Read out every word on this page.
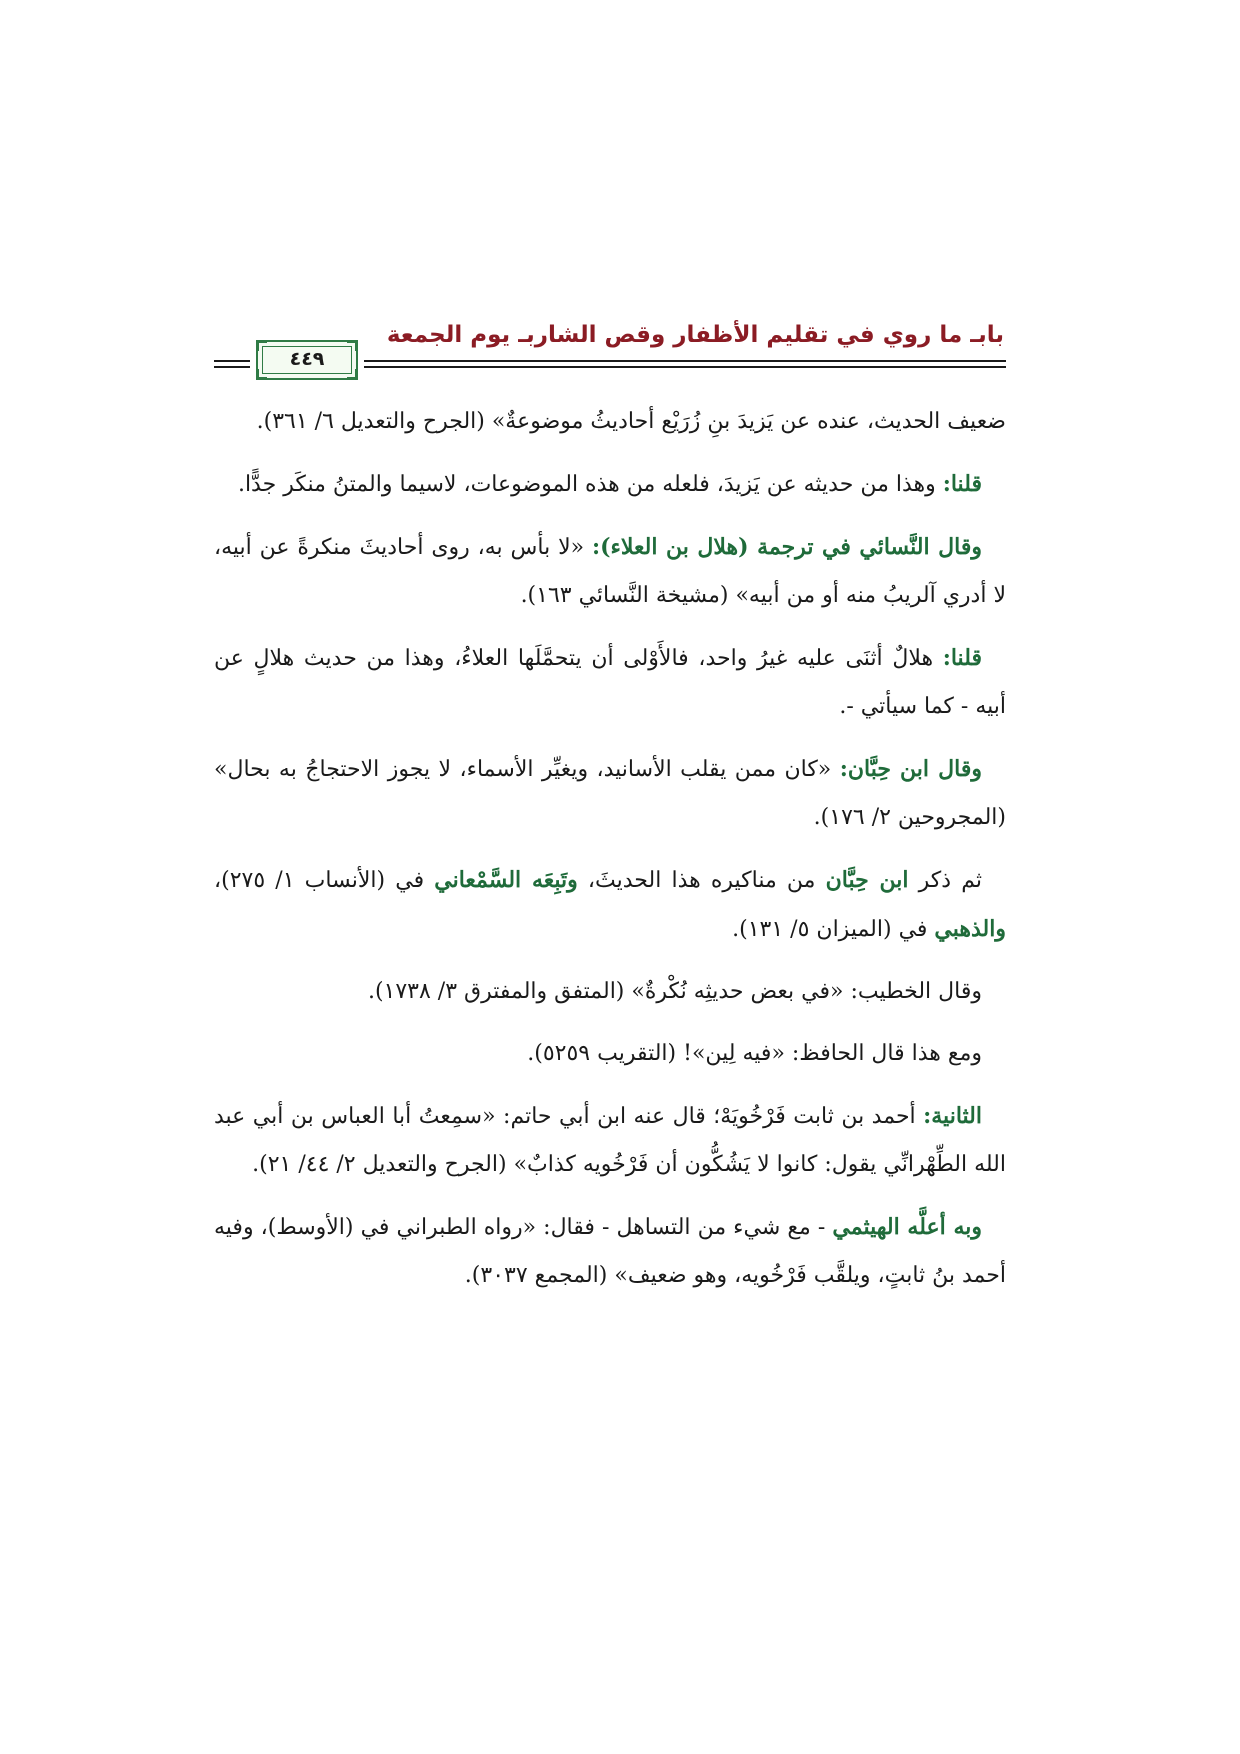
بابـ ما روي في تقليم الأظفار وقص الشاربـ يوم الجمعة
٤٤٩

ضعيف الحديث، عنده عن يَزيدَ بنِ زُرَيْع أحاديثُ موضوعةٌ» (الجرح والتعديل ٦/ ٣٦١).

قلنا: وهذا من حديثه عن يَزيدَ، فلعله من هذه الموضوعات، لاسيما والمتنُ منكَر جدًّا.

وقال النَّسائي في ترجمة (هلال بن العلاء): «لا بأس به، روى أحاديثَ منكرةً عن أبيه، لا أدري آلريبُ منه أو من أبيه» (مشيخة النَّسائي ١٦٣).

قلنا: هلالٌ أثنَى عليه غيرُ واحد، فالأَوْلى أن يتحمَّلَها العلاءُ، وهذا من حديث هلالٍ عن أبيه - كما سيأتي -.

وقال ابن حِبَّان: «كان ممن يقلب الأسانيد، ويغيِّر الأسماء، لا يجوز الاحتجاجُ به بحال» (المجروحين ٢/ ١٧٦).

ثم ذكر ابن حِبَّان من مناكيره هذا الحديثَ، وتَبِعَه السَّمْعاني في (الأنساب ١/ ٢٧٥)، والذهبي في (الميزان ٥/ ١٣١).

وقال الخطيب: «في بعض حديثِه نُكْرةٌ» (المتفق والمفترق ٣/ ١٧٣٨).

ومع هذا قال الحافظ: «فيه لِين»! (التقريب ٥٢٥٩).

الثانية: أحمد بن ثابت فَرْخُويَهْ؛ قال عنه ابن أبي حاتم: «سمِعتُ أبا العباس بن أبي عبد الله الطِّهْرانِّي يقول: كانوا لا يَشُكُّون أن فَرْخُويه كذابٌ» (الجرح والتعديل ٢/ ٤٤/ ٢١).

وبه أعلَّه الهيثمي - مع شيء من التساهل - فقال: «رواه الطبراني في (الأوسط)، وفيه أحمد بنُ ثابتٍ، ويلقَّب فَرْخُويه، وهو ضعيف» (المجمع ٣٠٣٧).
